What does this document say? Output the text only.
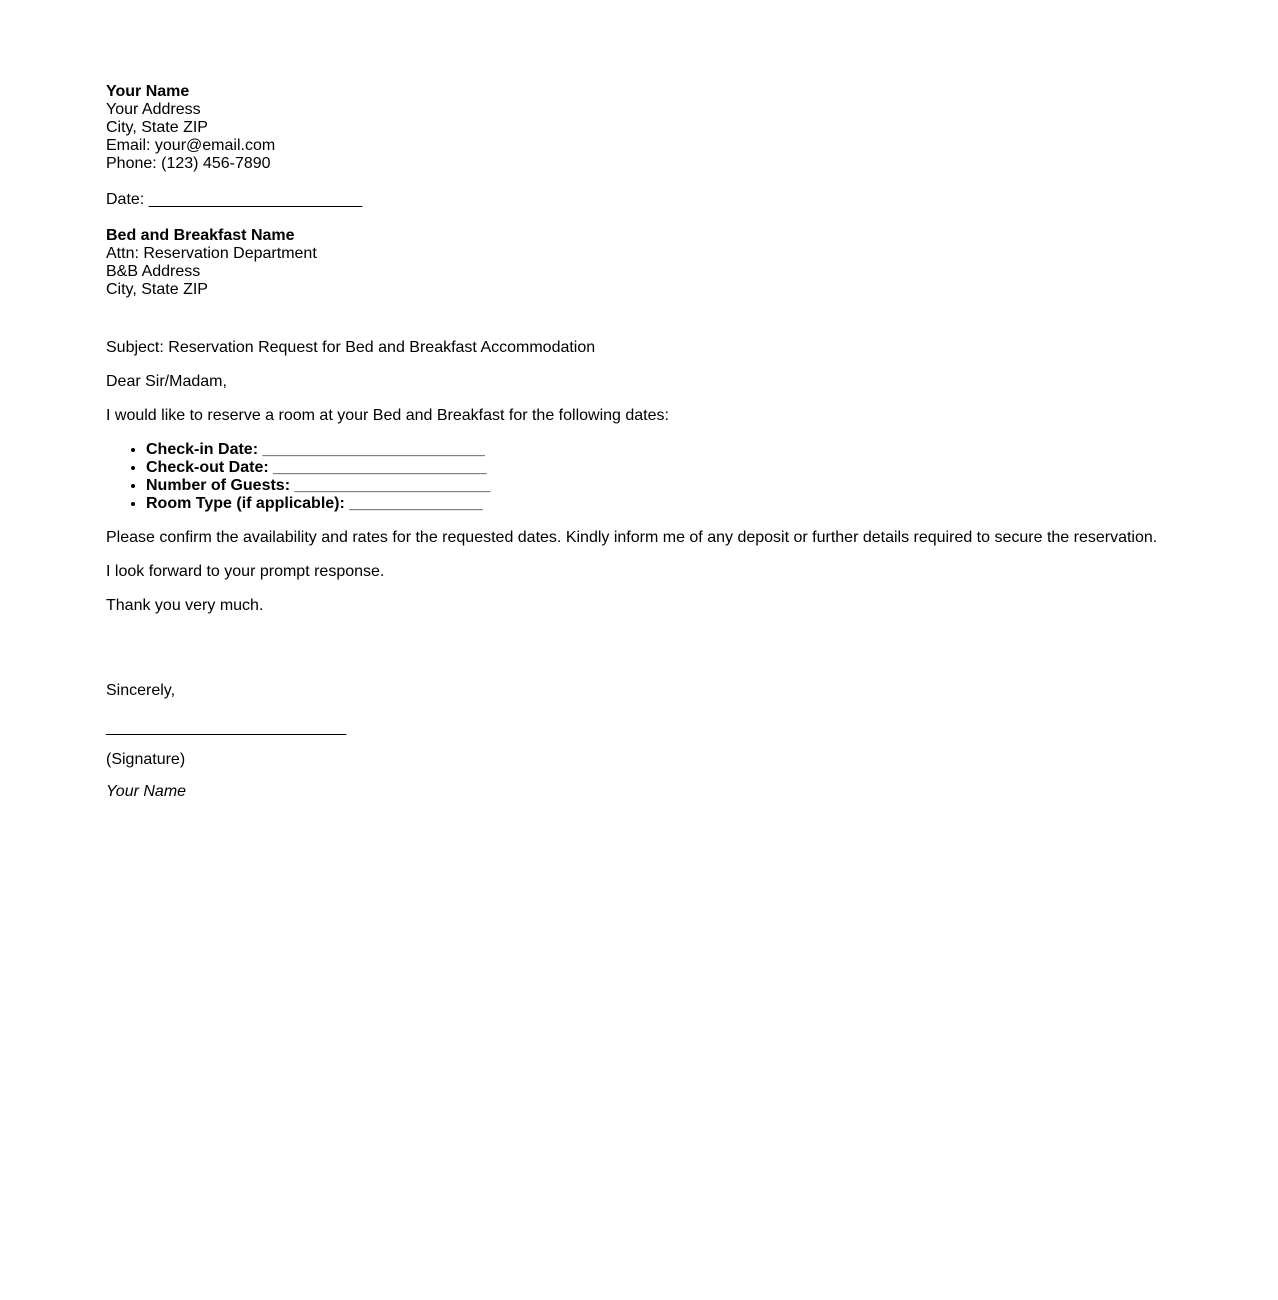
Your Name
Your Address
City, State ZIP
Email: your@email.com
Phone: (123) 456-7890

Date: ________________________

Bed and Breakfast Name
Attn: Reservation Department
B&B Address
City, State ZIP

Subject: Reservation Request for Bed and Breakfast Accommodation

Dear Sir/Madam,

I would like to reserve a room at your Bed and Breakfast for the following dates:

• Check-in Date: _________________________
• Check-out Date: ________________________
• Number of Guests: ______________________
• Room Type (if applicable): _______________

Please confirm the availability and rates for the requested dates. Kindly inform me of any deposit or further details required to secure the reservation.

I look forward to your prompt response.

Thank you very much.

Sincerely,

___________________________

(Signature)

Your Name
